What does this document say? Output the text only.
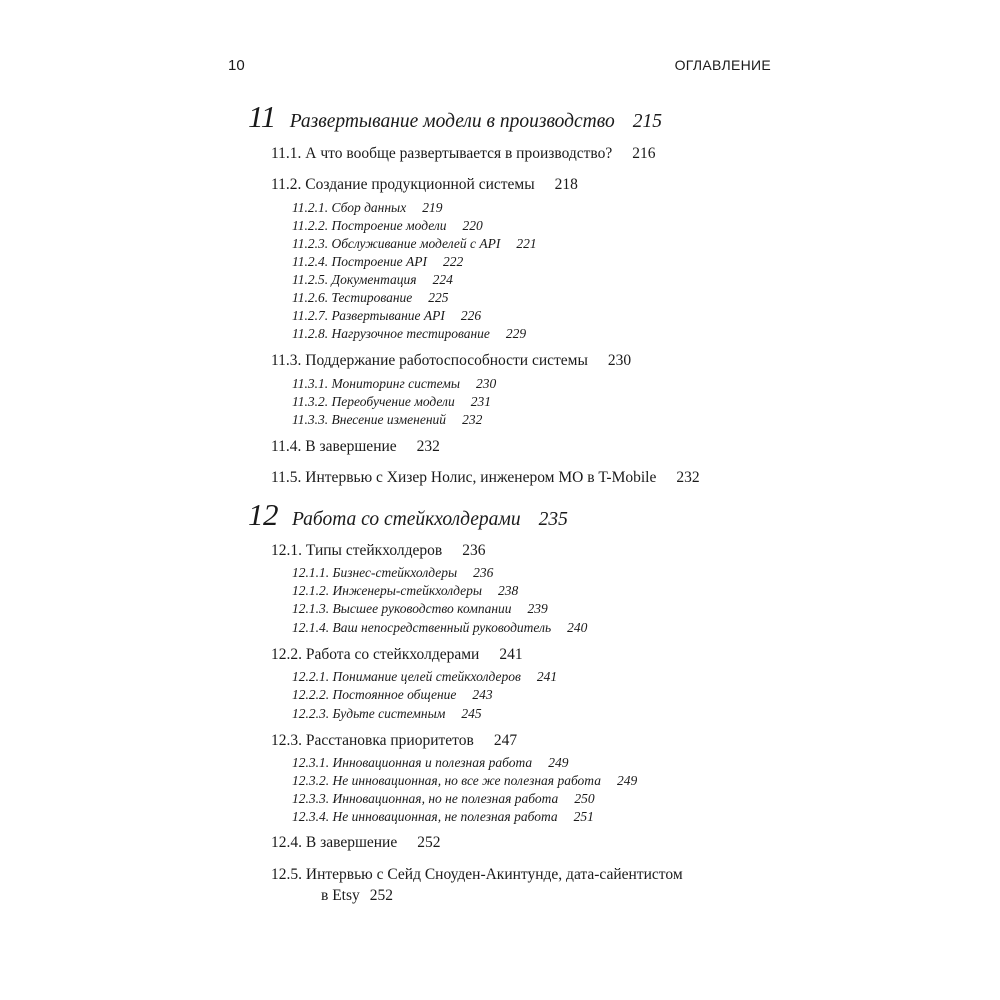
10	ОГЛАВЛЕНИЕ
11 Развертывание модели в производство 215
11.1. А что вообще развертывается в производство? 216
11.2. Создание продукционной системы 218
11.2.1. Сбор данных 219
11.2.2. Построение модели 220
11.2.3. Обслуживание моделей с API 221
11.2.4. Построение API 222
11.2.5. Документация 224
11.2.6. Тестирование 225
11.2.7. Развертывание API 226
11.2.8. Нагрузочное тестирование 229
11.3. Поддержание работоспособности системы 230
11.3.1. Мониторинг системы 230
11.3.2. Переобучение модели 231
11.3.3. Внесение изменений 232
11.4. В завершение 232
11.5. Интервью с Хизер Нолис, инженером МО в T-Mobile 232
12 Работа со стейкхолдерами 235
12.1. Типы стейкхолдеров 236
12.1.1. Бизнес-стейкхолдеры 236
12.1.2. Инженеры-стейкхолдеры 238
12.1.3. Высшее руководство компании 239
12.1.4. Ваш непосредственный руководитель 240
12.2. Работа со стейкхолдерами 241
12.2.1. Понимание целей стейкхолдеров 241
12.2.2. Постоянное общение 243
12.2.3. Будьте системным 245
12.3. Расстановка приоритетов 247
12.3.1. Инновационная и полезная работа 249
12.3.2. Не инновационная, но все же полезная работа 249
12.3.3. Инновационная, но не полезная работа 250
12.3.4. Не инновационная, не полезная работа 251
12.4. В завершение 252
12.5. Интервью с Сейд Сноуден-Акинтунде, дата-сайентистом
в Etsy 252
